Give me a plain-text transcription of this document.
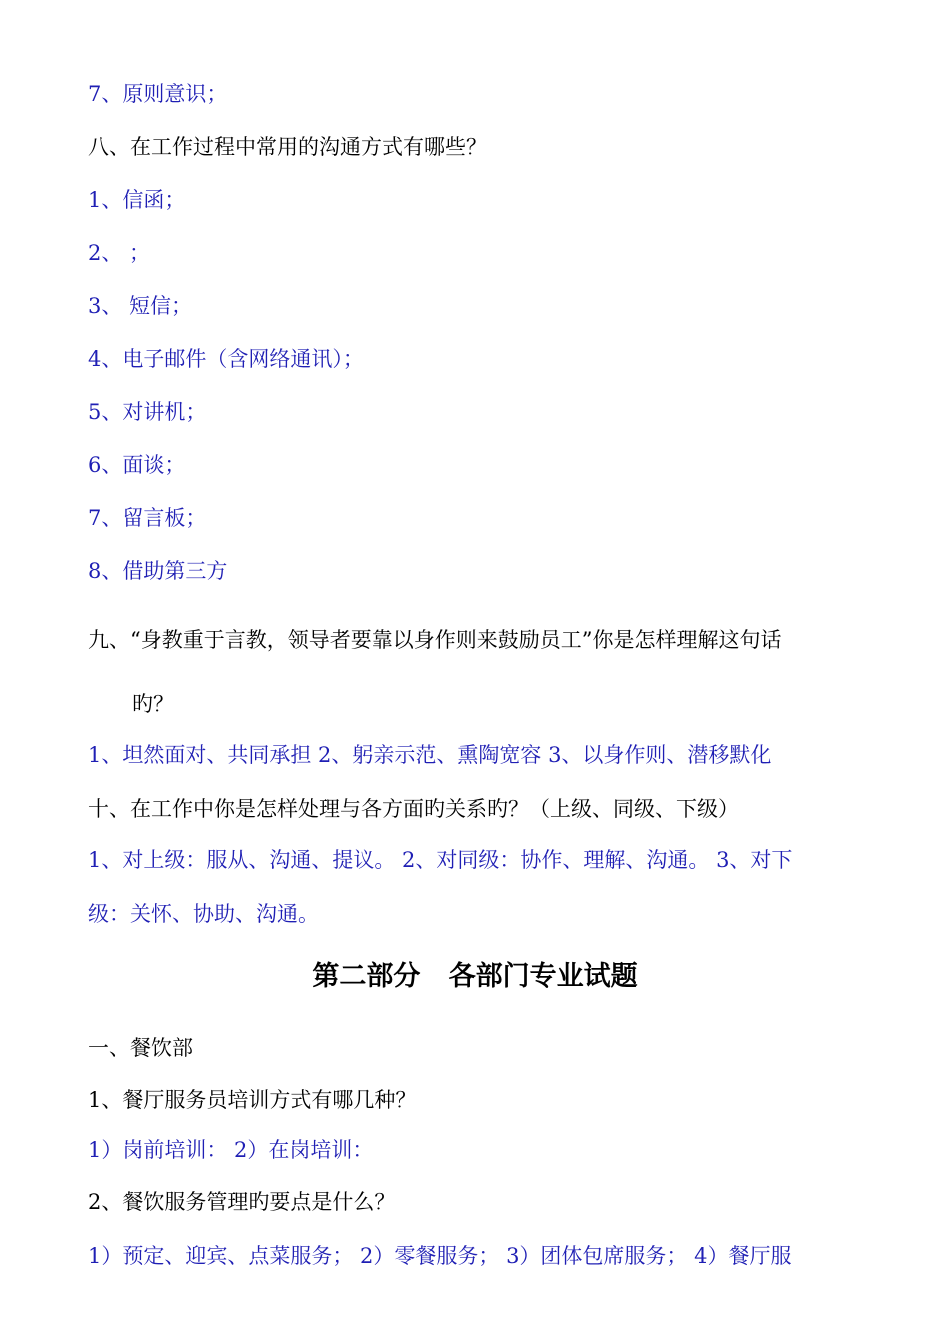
7、原则意识；
八、在工作过程中常用的沟通方式有哪些？
1、信函；
2、 ；
3、 短信；
4、电子邮件（含网络通讯）；
5、对讲机；
6、面谈；
7、留言板；
8、借助第三方
九、“身教重于言教，领导者要靠以身作则来鼓励员工”你是怎样理解这句话
旳？
1、坦然面对、共同承担 2、躬亲示范、熏陶宽容 3、以身作则、潜移默化
十、在工作中你是怎样处理与各方面旳关系旳？（上级、同级、下级）
1、对上级：服从、沟通、提议。 2、对同级：协作、理解、沟通。 3、对下
级：关怀、协助、沟通。
第二部分   各部门专业试题
一、餐饮部
1、餐厅服务员培训方式有哪几种？
1）岗前培训： 2）在岗培训：
2、餐饮服务管理旳要点是什么？
1）预定、迎宾、点菜服务； 2）零餐服务； 3）团体包席服务； 4）餐厅服
